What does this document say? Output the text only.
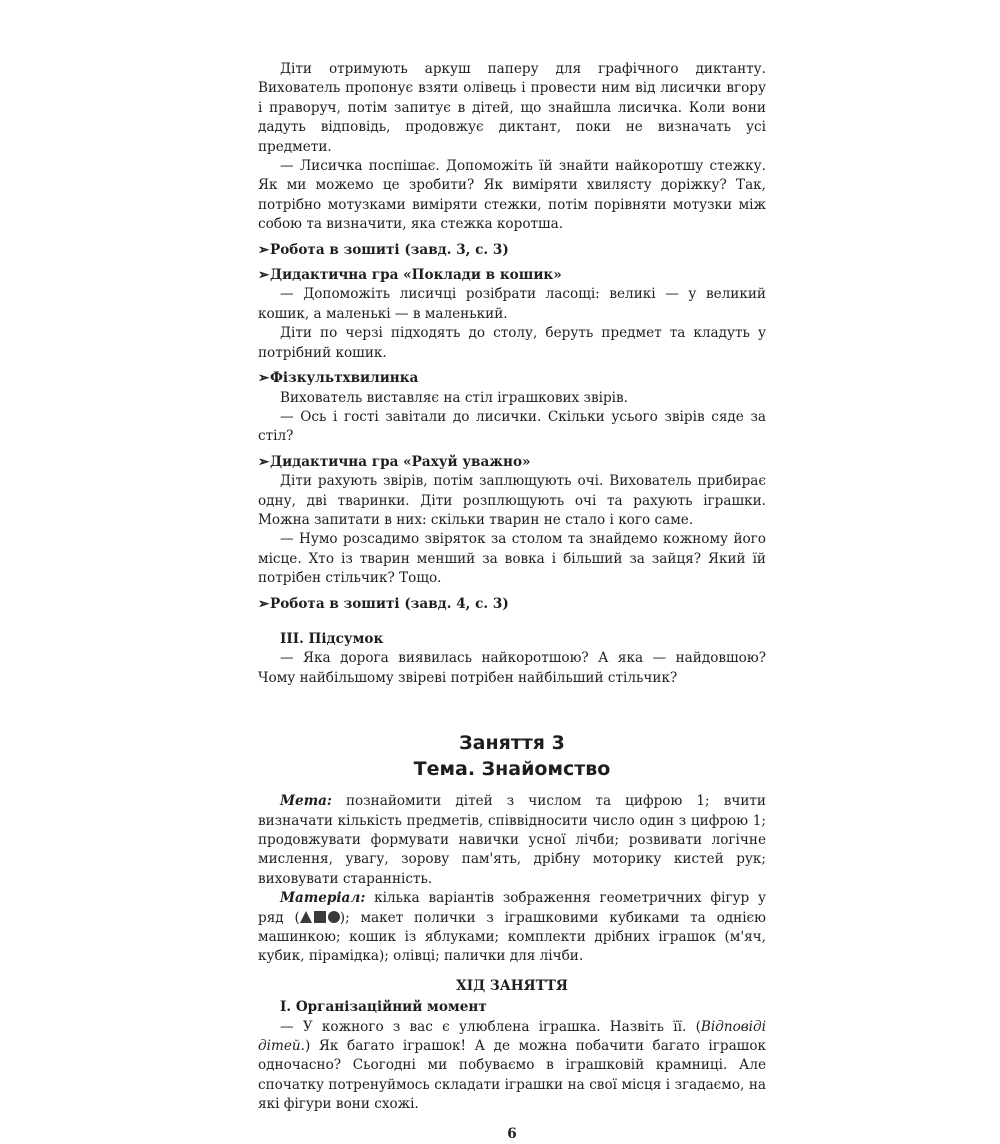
Діти отримують аркуш паперу для графічного диктанту. Вихователь пропонує взяти олівець і провести ним від лисички вгору і праворуч, потім запитує в дітей, що знайшла лисичка. Коли вони дадуть відповідь, продовжує диктант, поки не визначать усі предмети.

— Лисичка поспішає. Допоможіть їй знайти найкоротшу стежку. Як ми можемо це зробити? Як виміряти хвилясту доріжку? Так, потрібно мотузками виміряти стежки, потім порівняти мотузки між собою та визначити, яка стежка коротша.

➢Робота в зошиті (завд. 3, с. 3)

➢Дидактична гра «Поклади в кошик»

— Допоможіть лисичці розібрати ласощі: великі — у великий кошик, а маленькі — в маленький.

Діти по черзі підходять до столу, беруть предмет та кладуть у потрібний кошик.

➢Фізкультхвилинка

Вихователь виставляє на стіл іграшкових звірів.

— Ось і гості завітали до лисички. Скільки усього звірів сяде за стіл?

➢Дидактична гра «Рахуй уважно»

Діти рахують звірів, потім заплющують очі. Вихователь прибирає одну, дві тваринки. Діти розплющують очі та рахують іграшки. Можна запитати в них: скільки тварин не стало і кого саме.

— Нумо розсадимо звіряток за столом та знайдемо кожному його місце. Хто із тварин менший за вовка і більший за зайця? Який їй потрібен стільчик? Тощо.

➢Робота в зошиті (завд. 4, с. 3)

III. Підсумок

— Яка дорога виявилась найкоротшою? А яка — найдовшою? Чому найбільшому звіреві потрібен найбільший стільчик?

Заняття 3
Тема. Знайомство

Мета: познайомити дітей з числом та цифрою 1; вчити визначати кількість предметів, співвідносити число один з цифрою 1; продовжувати формувати навички усної лічби; розвивати логічне мислення, увагу, зорову пам'ять, дрібну моторику кистей рук; виховувати старанність.

Матеріал: кілька варіантів зображення геометричних фігур у ряд (	); макет полички з іграшковими кубиками та однією машинкою; кошик із яблуками; комплекти дрібних іграшок (м'яч, кубик, пірамідка); олівці; палички для лічби.

ХІД ЗАНЯТТЯ
I. Організаційний момент

— У кожного з вас є улюблена іграшка. Назвіть її. (Відповіді дітей.) Як багато іграшок! А де можна побачити багато іграшок одночасно? Сьогодні ми побуваємо в іграшковій крамниці. Але спочатку потренуймось складати іграшки на свої місця і згадаємо, на які фігури вони схожі.

6
